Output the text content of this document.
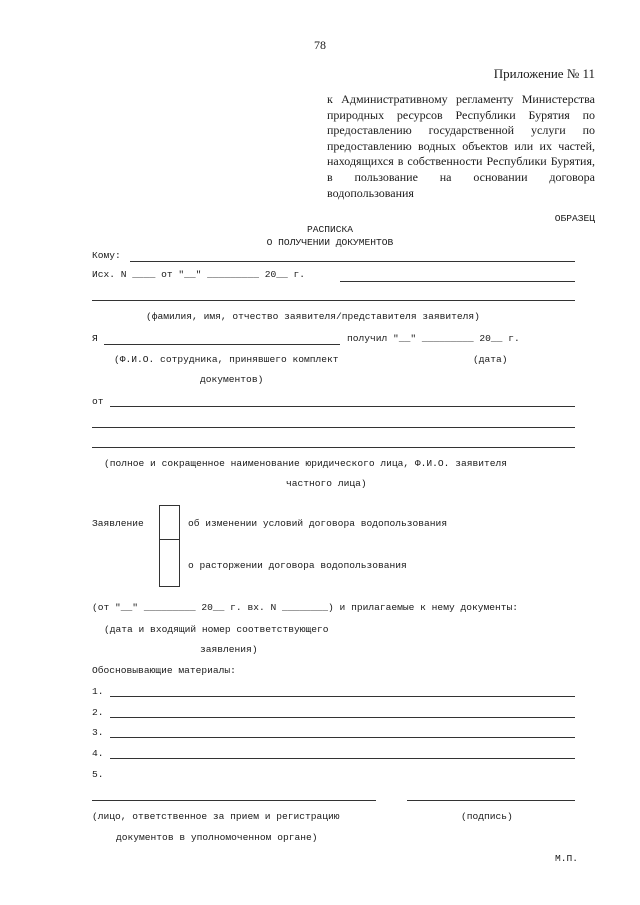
78
Приложение № 11
к Административному регламенту Министерства природных ресурсов Республики Бурятия по предоставлению государственной услуги по предоставлению водных объектов или их частей, находящихся в собственности Республики Бурятия, в пользование на основании договора водопользования
ОБРАЗЕЦ
РАСПИСКА
О ПОЛУЧЕНИИ ДОКУМЕНТОВ
Кому:
Исх. N ____ от "__" _________ 20__ г.
(фамилия, имя, отчество заявителя/представителя заявителя)
Я	получил "__" _________ 20__ г.
(Ф.И.О. сотрудника, принявшего комплект	(дата)
документов)
от
(полное и сокращенное наименование юридического лица, Ф.И.О. заявителя
частного лица)
Заявление	об изменении условий договора водопользования
о расторжении договора водопользования
(от "__" _________ 20__ г. вх. N ________) и прилагаемые к нему документы:
(дата и входящий номер соответствующего
заявления)
Обосновывающие материалы:
1.
2.
3.
4.
5.
(лицо, ответственное за прием и регистрацию	(подпись)
документов в уполномоченном органе)
М.П.
